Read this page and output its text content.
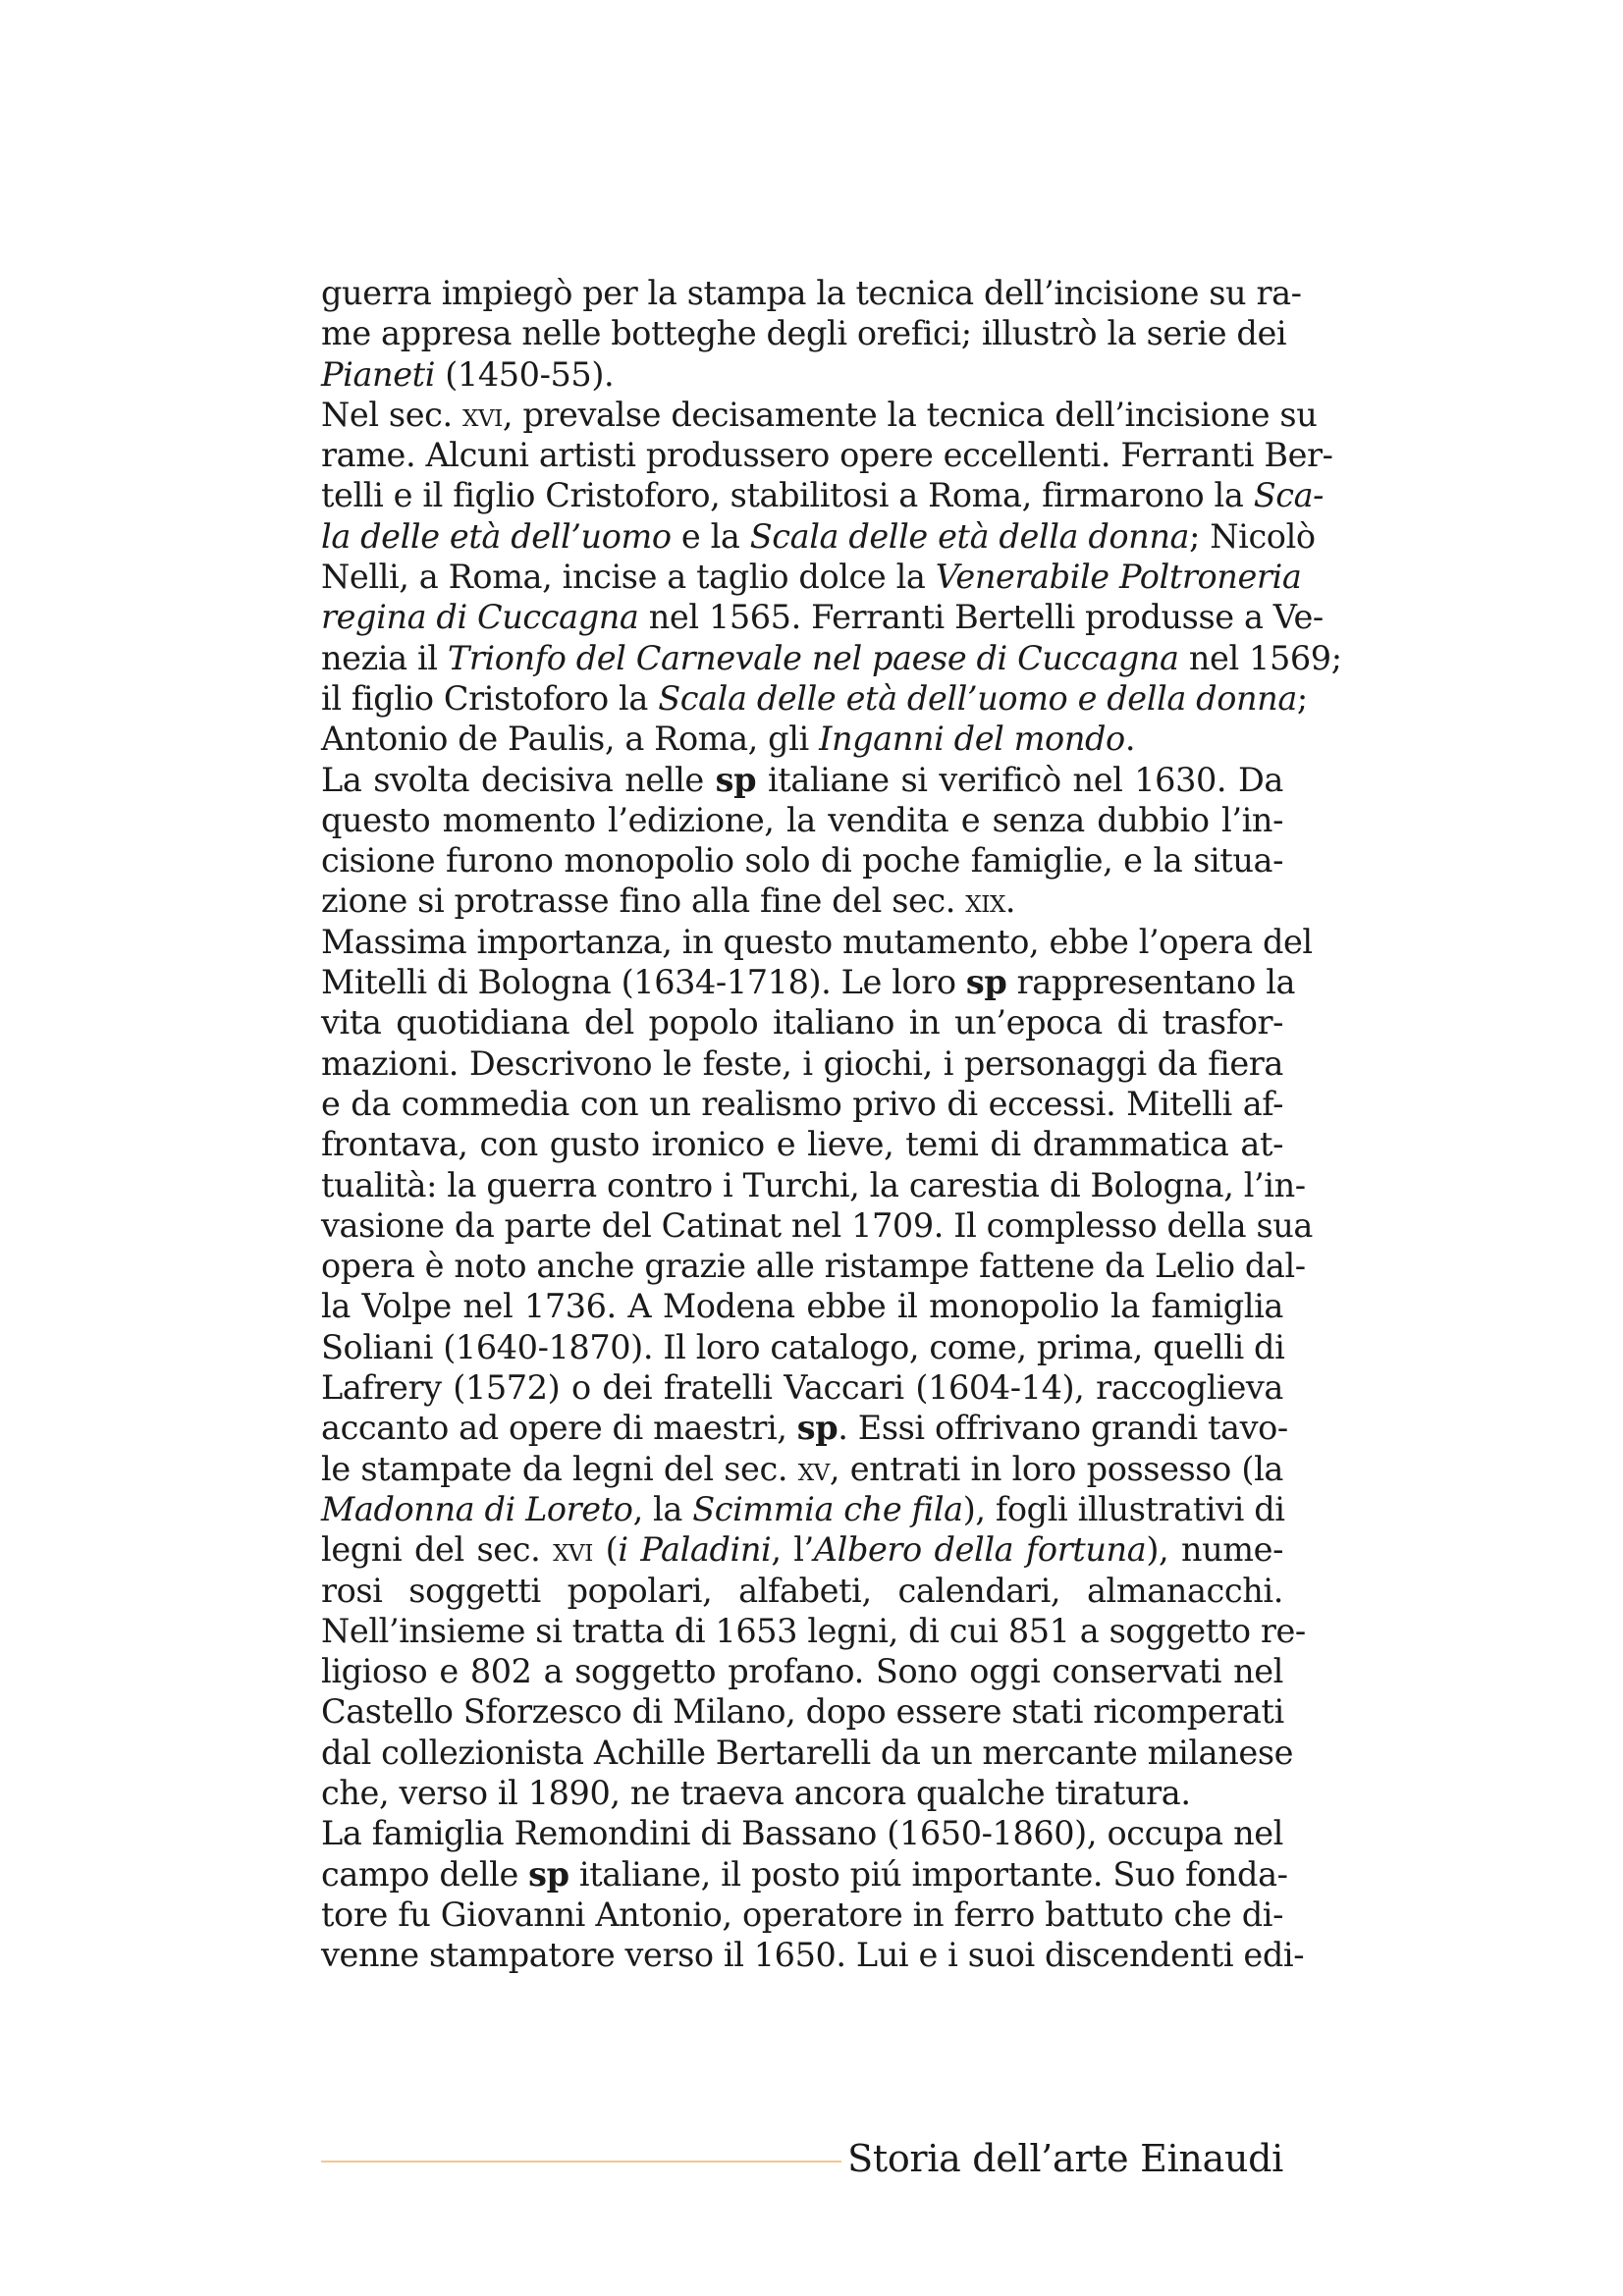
guerra impiegò per la stampa la tecnica dell’incisione su ra-
me appresa nelle botteghe degli orefici; illustrò la serie dei
Pianeti (1450-55).
Nel sec. xvi, prevalse decisamente la tecnica dell’incisione su
rame. Alcuni artisti produssero opere eccellenti. Ferranti Ber-
telli e il figlio Cristoforo, stabilitosi a Roma, firmarono la Sca-
la delle età dell’uomo e la Scala delle età della donna; Nicolò
Nelli, a Roma, incise a taglio dolce la Venerabile Poltroneria
regina di Cuccagna nel 1565. Ferranti Bertelli produsse a Ve-
nezia il Trionfo del Carnevale nel paese di Cuccagna nel 1569;
il figlio Cristoforo la Scala delle età dell’uomo e della donna;
Antonio de Paulis, a Roma, gli Inganni del mondo.
La svolta decisiva nelle sp italiane si verificò nel 1630. Da
questo momento l’edizione, la vendita e senza dubbio l’in-
cisione furono monopolio solo di poche famiglie, e la situa-
zione si protrasse fino alla fine del sec. xix.
Massima importanza, in questo mutamento, ebbe l’opera del
Mitelli di Bologna (1634-1718). Le loro sp rappresentano la
vita quotidiana del popolo italiano in un’epoca di trasfor-
mazioni. Descrivono le feste, i giochi, i personaggi da fiera
e da commedia con un realismo privo di eccessi. Mitelli af-
frontava, con gusto ironico e lieve, temi di drammatica at-
tualità: la guerra contro i Turchi, la carestia di Bologna, l’in-
vasione da parte del Catinat nel 1709. Il complesso della sua
opera è noto anche grazie alle ristampe fattene da Lelio dal-
la Volpe nel 1736. A Modena ebbe il monopolio la famiglia
Soliani (1640-1870). Il loro catalogo, come, prima, quelli di
Lafrery (1572) o dei fratelli Vaccari (1604-14), raccoglieva
accanto ad opere di maestri, sp. Essi offrivano grandi tavo-
le stampate da legni del sec. xv, entrati in loro possesso (la
Madonna di Loreto, la Scimmia che fila), fogli illustrativi di
legni del sec. xvi (i Paladini, l’Albero della fortuna), nume-
rosi soggetti popolari, alfabeti, calendari, almanacchi.
Nell’insieme si tratta di 1653 legni, di cui 851 a soggetto re-
ligioso e 802 a soggetto profano. Sono oggi conservati nel
Castello Sforzesco di Milano, dopo essere stati ricomperati
dal collezionista Achille Bertarelli da un mercante milanese
che, verso il 1890, ne traeva ancora qualche tiratura.
La famiglia Remondini di Bassano (1650-1860), occupa nel
campo delle sp italiane, il posto piú importante. Suo fonda-
tore fu Giovanni Antonio, operatore in ferro battuto che di-
venne stampatore verso il 1650. Lui e i suoi discendenti edi-
Storia dell’arte Einaudi
